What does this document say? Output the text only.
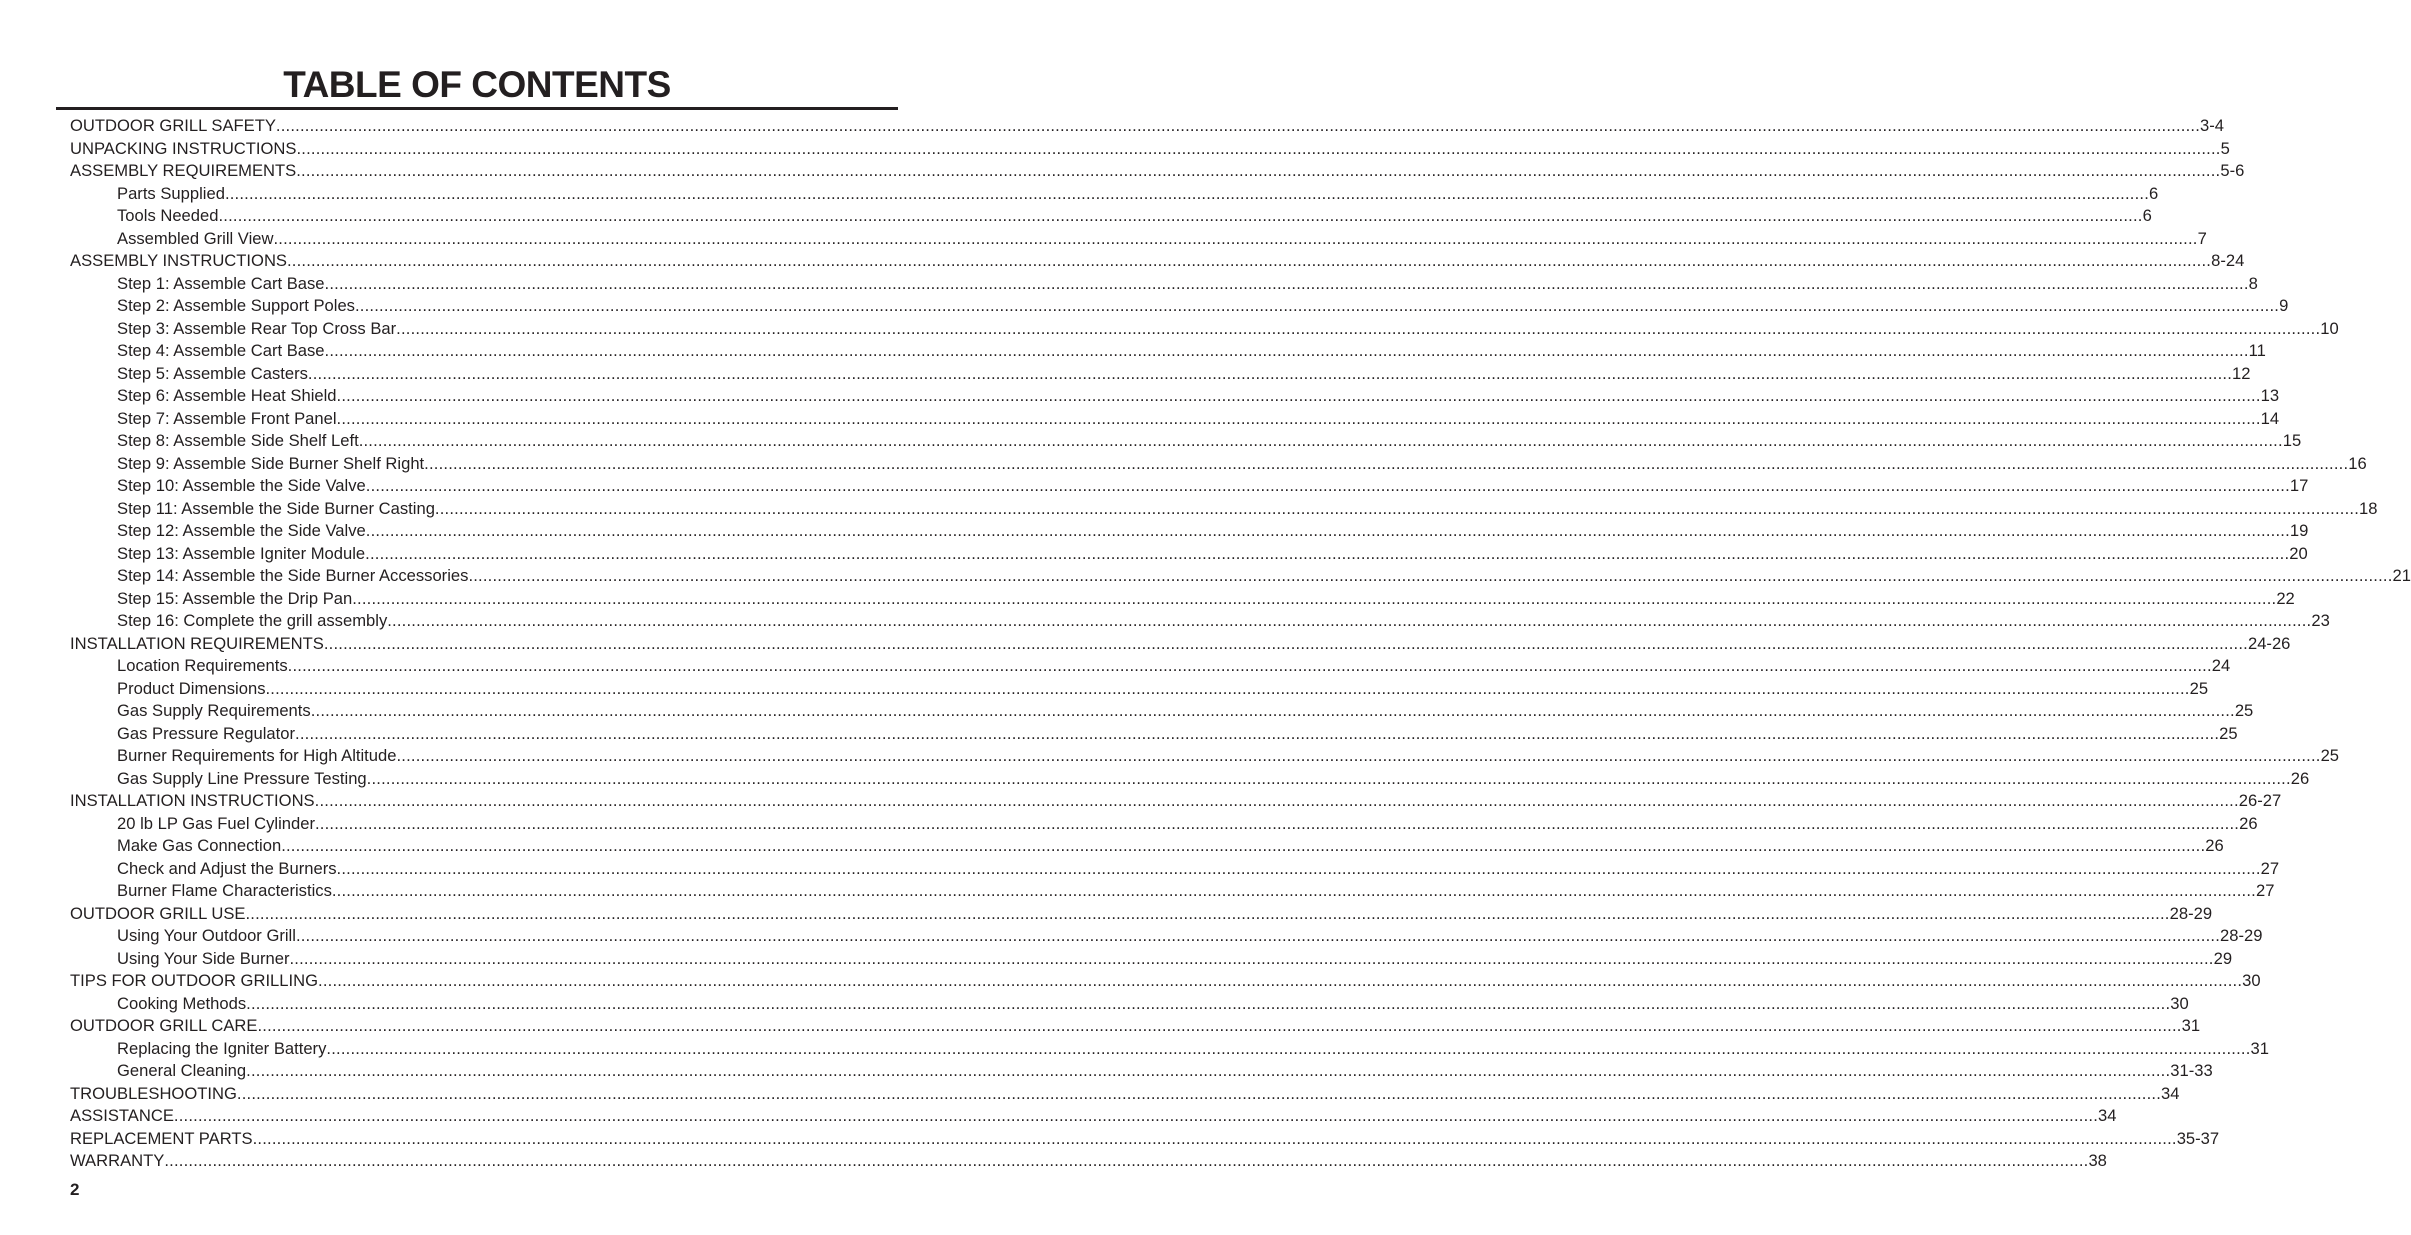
TABLE OF CONTENTS
OUTDOOR GRILL SAFETY ................................................................................................................................................................................................................................................................................................................................................................................................................ 3-4
UNPACKING INSTRUCTIONS ................................................................................................................................................................................................................................................................................................................................................................................................................ 5
ASSEMBLY REQUIREMENTS ................................................................................................................................................................................................................................................................................................................................................................................................................ 5-6
Parts Supplied ................................................................................................................................................................................................................................................................................................................................................................................................................ 6
Tools Needed ................................................................................................................................................................................................................................................................................................................................................................................................................ 6
Assembled Grill View ................................................................................................................................................................................................................................................................................................................................................................................................................ 7
ASSEMBLY INSTRUCTIONS ................................................................................................................................................................................................................................................................................................................................................................................................................ 8-24
Step 1: Assemble Cart Base ................................................................................................................................................................................................................................................................................................................................................................................................................ 8
Step 2: Assemble Support Poles ................................................................................................................................................................................................................................................................................................................................................................................................................ 9
Step 3: Assemble Rear Top Cross Bar ................................................................................................................................................................................................................................................................................................................................................................................................................ 10
Step 4: Assemble Cart Base ................................................................................................................................................................................................................................................................................................................................................................................................................ 11
Step 5: Assemble Casters ................................................................................................................................................................................................................................................................................................................................................................................................................ 12
Step 6: Assemble Heat Shield ................................................................................................................................................................................................................................................................................................................................................................................................................ 13
Step 7: Assemble Front Panel ................................................................................................................................................................................................................................................................................................................................................................................................................ 14
Step 8: Assemble Side Shelf Left ................................................................................................................................................................................................................................................................................................................................................................................................................ 15
Step 9: Assemble Side Burner Shelf Right ................................................................................................................................................................................................................................................................................................................................................................................................................ 16
Step 10: Assemble the Side Valve ................................................................................................................................................................................................................................................................................................................................................................................................................ 17
Step 11: Assemble the Side Burner Casting ................................................................................................................................................................................................................................................................................................................................................................................................................ 18
Step 12: Assemble the Side Valve ................................................................................................................................................................................................................................................................................................................................................................................................................ 19
Step 13: Assemble Igniter Module ................................................................................................................................................................................................................................................................................................................................................................................................................ 20
Step 14: Assemble the Side Burner Accessories ................................................................................................................................................................................................................................................................................................................................................................................................................ 21
Step 15: Assemble the Drip Pan ................................................................................................................................................................................................................................................................................................................................................................................................................ 22
Step 16: Complete the grill assembly ................................................................................................................................................................................................................................................................................................................................................................................................................ 23
INSTALLATION REQUIREMENTS ................................................................................................................................................................................................................................................................................................................................................................................................................ 24-26
Location Requirements ................................................................................................................................................................................................................................................................................................................................................................................................................ 24
Product Dimensions ................................................................................................................................................................................................................................................................................................................................................................................................................ 25
Gas Supply Requirements ................................................................................................................................................................................................................................................................................................................................................................................................................ 25
Gas Pressure Regulator ................................................................................................................................................................................................................................................................................................................................................................................................................ 25
Burner Requirements for High Altitude ................................................................................................................................................................................................................................................................................................................................................................................................................ 25
Gas Supply Line Pressure Testing ................................................................................................................................................................................................................................................................................................................................................................................................................ 26
INSTALLATION INSTRUCTIONS ................................................................................................................................................................................................................................................................................................................................................................................................................ 26-27
20 lb LP Gas Fuel Cylinder ................................................................................................................................................................................................................................................................................................................................................................................................................ 26
Make Gas Connection ................................................................................................................................................................................................................................................................................................................................................................................................................ 26
Check and Adjust the Burners ................................................................................................................................................................................................................................................................................................................................................................................................................ 27
Burner Flame Characteristics ................................................................................................................................................................................................................................................................................................................................................................................................................ 27
OUTDOOR GRILL USE ................................................................................................................................................................................................................................................................................................................................................................................................................ 28-29
Using Your Outdoor Grill ................................................................................................................................................................................................................................................................................................................................................................................................................ 28-29
Using Your Side Burner ................................................................................................................................................................................................................................................................................................................................................................................................................ 29
TIPS FOR OUTDOOR GRILLING ................................................................................................................................................................................................................................................................................................................................................................................................................ 30
Cooking Methods ................................................................................................................................................................................................................................................................................................................................................................................................................ 30
OUTDOOR GRILL CARE ................................................................................................................................................................................................................................................................................................................................................................................................................ 31
Replacing the Igniter Battery ................................................................................................................................................................................................................................................................................................................................................................................................................ 31
General Cleaning ................................................................................................................................................................................................................................................................................................................................................................................................................ 31-33
TROUBLESHOOTING ................................................................................................................................................................................................................................................................................................................................................................................................................ 34
ASSISTANCE ................................................................................................................................................................................................................................................................................................................................................................................................................ 34
REPLACEMENT PARTS ................................................................................................................................................................................................................................................................................................................................................................................................................ 35-37
WARRANTY ................................................................................................................................................................................................................................................................................................................................................................................................................ 38

2
